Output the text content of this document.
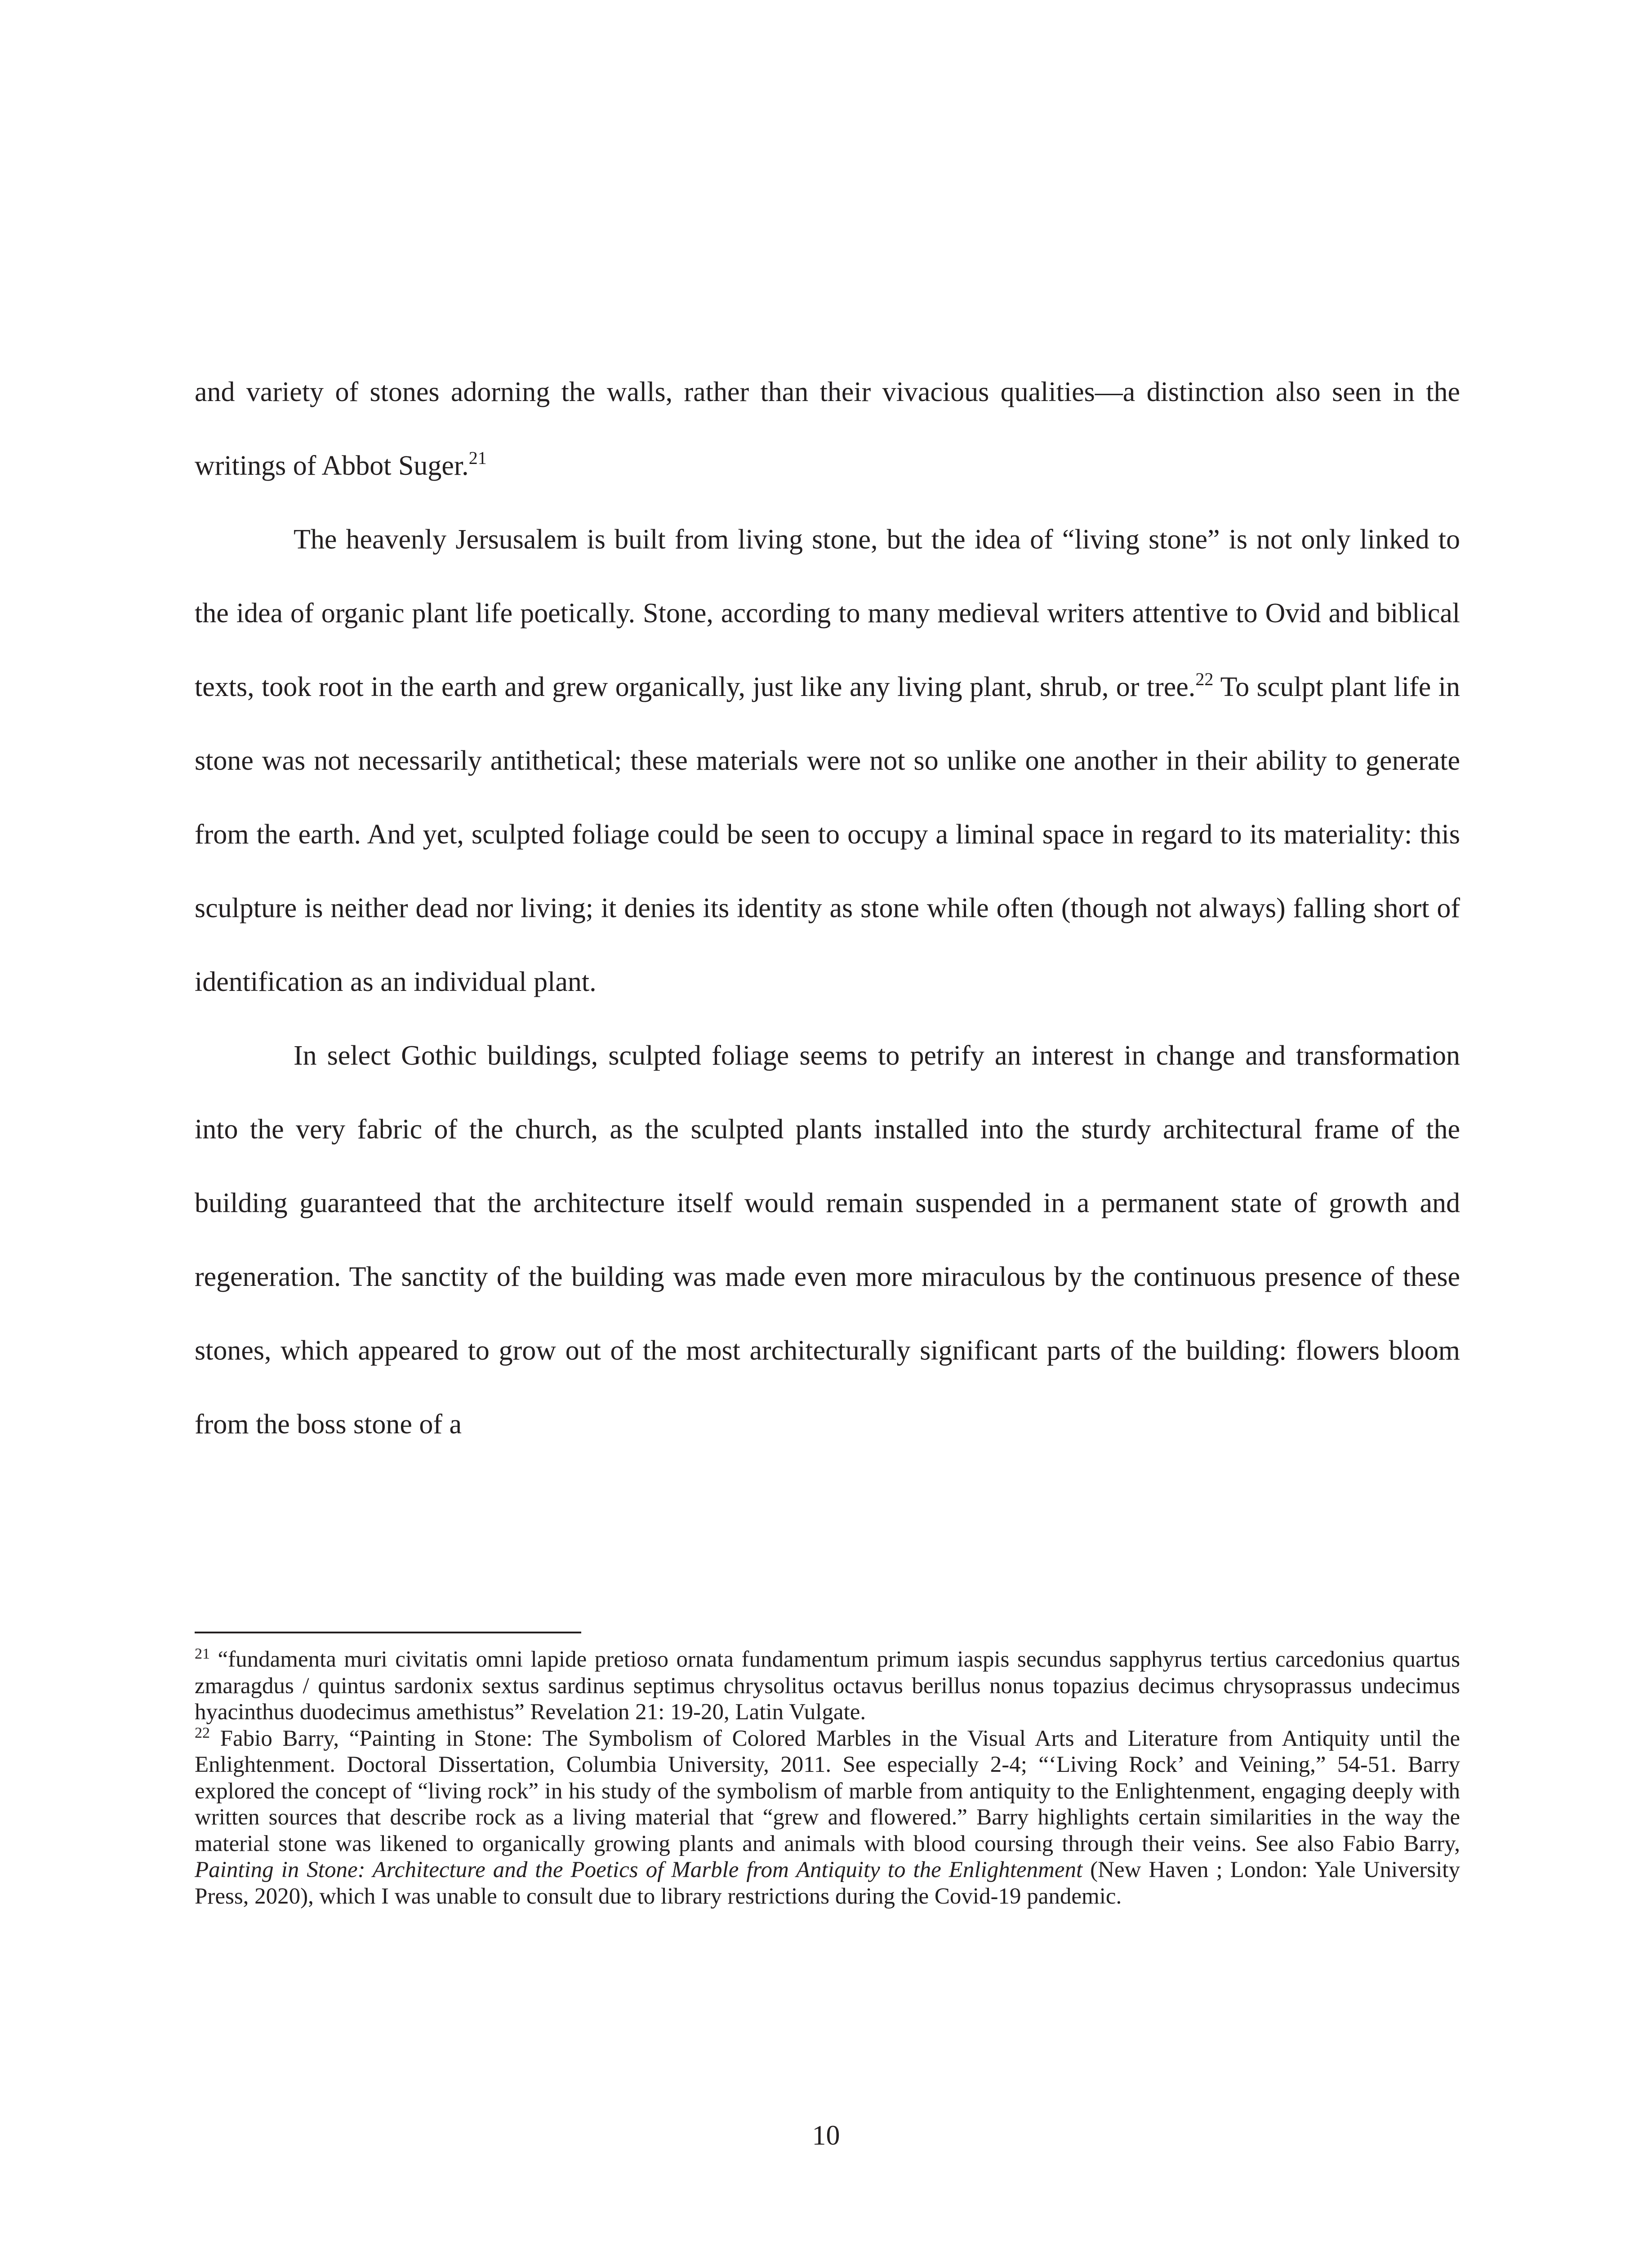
and variety of stones adorning the walls, rather than their vivacious qualities—a distinction also seen in the writings of Abbot Suger.$^{21}$

The heavenly Jersusalem is built from living stone, but the idea of “living stone” is not only linked to the idea of organic plant life poetically. Stone, according to many medieval writers attentive to Ovid and biblical texts, took root in the earth and grew organically, just like any living plant, shrub, or tree.$^{22}$ To sculpt plant life in stone was not necessarily antithetical; these materials were not so unlike one another in their ability to generate from the earth. And yet, sculpted foliage could be seen to occupy a liminal space in regard to its materiality: this sculpture is neither dead nor living; it denies its identity as stone while often (though not always) falling short of identification as an individual plant.

In select Gothic buildings, sculpted foliage seems to petrify an interest in change and transformation into the very fabric of the church, as the sculpted plants installed into the sturdy architectural frame of the building guaranteed that the architecture itself would remain suspended in a permanent state of growth and regeneration. The sanctity of the building was made even more miraculous by the continuous presence of these stones, which appeared to grow out of the most architecturally significant parts of the building: flowers bloom from the boss stone of a

$^{21}$ “fundamenta muri civitatis omni lapide pretioso ornata fundamentum primum iaspis secundus sapphyrus tertius carcedonius quartus zmaragdus / quintus sardonix sextus sardinus septimus chrysolitus octavus berillus nonus topazius decimus chrysoprassus undecimus hyacinthus duodecimus amethistus” Revelation 21: 19-20, Latin Vulgate.

$^{22}$ Fabio Barry, “Painting in Stone: The Symbolism of Colored Marbles in the Visual Arts and Literature from Antiquity until the Enlightenment. Doctoral Dissertation, Columbia University, 2011. See especially 2-4; “‘Living Rock’ and Veining,” 54-51. Barry explored the concept of “living rock” in his study of the symbolism of marble from antiquity to the Enlightenment, engaging deeply with written sources that describe rock as a living material that “grew and flowered.” Barry highlights certain similarities in the way the material stone was likened to organically growing plants and animals with blood coursing through their veins. See also Fabio Barry, Painting in Stone: Architecture and the Poetics of Marble from Antiquity to the Enlightenment (New Haven ; London: Yale University Press, 2020), which I was unable to consult due to library restrictions during the Covid-19 pandemic.

10
